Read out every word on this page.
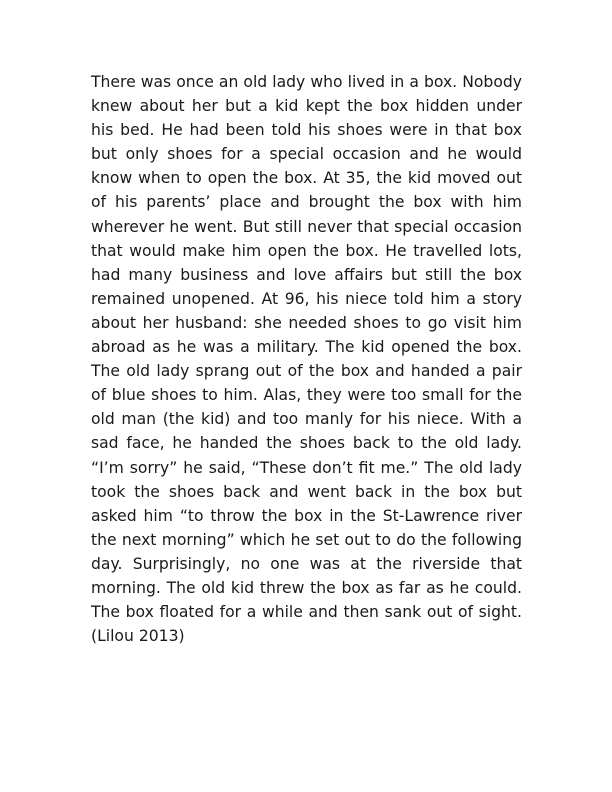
There was once an old lady who lived in a box. Nobody knew about her but a kid kept the box hidden under his bed. He had been told his shoes were in that box but only shoes for a special occasion and he would know when to open the box. At 35, the kid moved out of his parents’ place and brought the box with him wherever he went. But still never that special occasion that would make him open the box. He travelled lots, had many business and love affairs but still the box remained unopened. At 96, his niece told him a story about her husband: she needed shoes to go visit him abroad as he was a military. The kid opened the box. The old lady sprang out of the box and handed a pair of blue shoes to him. Alas, they were too small for the old man (the kid) and too manly for his niece. With a sad face, he handed the shoes back to the old lady. “I’m sorry” he said, “These don’t fit me.” The old lady took the shoes back and went back in the box but asked him “to throw the box in the St-Lawrence river the next morning” which he set out to do the following day. Surprisingly, no one was at the riverside that morning. The old kid threw the box as far as he could. The box floated for a while and then sank out of sight. (Lilou 2013)
